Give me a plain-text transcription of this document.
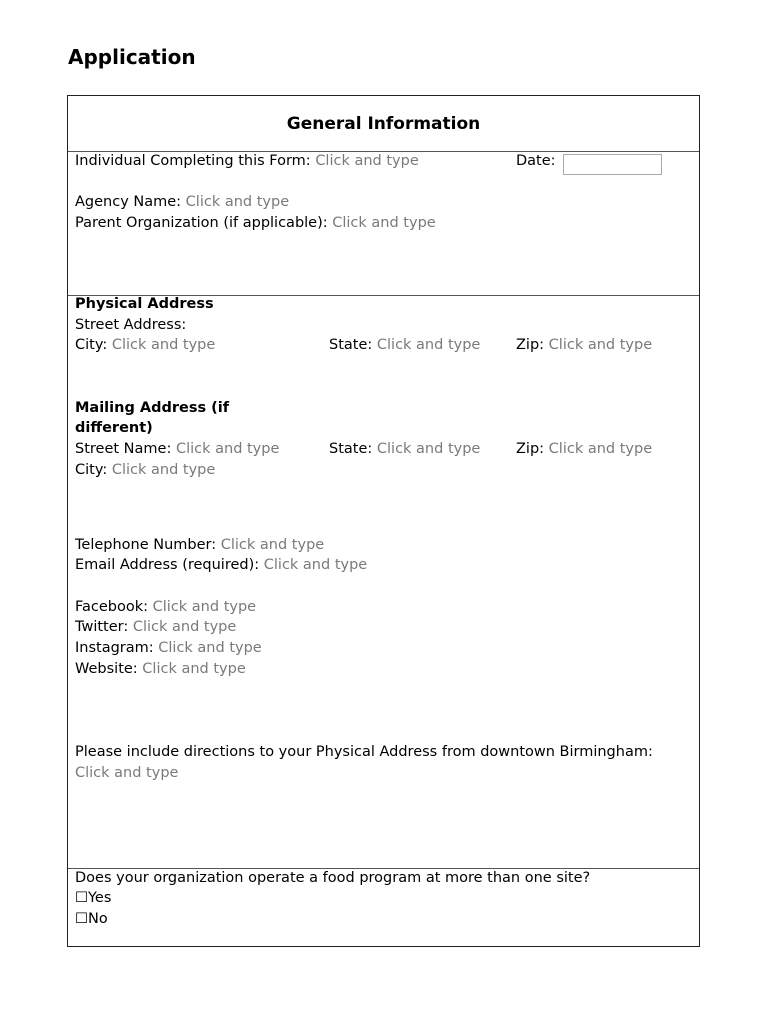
Application
General Information
Individual Completing this Form: Click and type	Date:
Agency Name: Click and type
Parent Organization (if applicable): Click and type
Physical Address
Street Address:
City: Click and type	State: Click and type Zip: Click and type
Mailing Address (if
different)
Street Name: Click and type	State: Click and type Zip: Click and type
City: Click and type
Telephone Number: Click and type
Email Address (required): Click and type
Facebook: Click and type
Twitter: Click and type
Instagram: Click and type
Website: Click and type
Please include directions to your Physical Address from downtown Birmingham:
Click and type
Does your organization operate a food program at more than one site?
☐Yes
☐No
